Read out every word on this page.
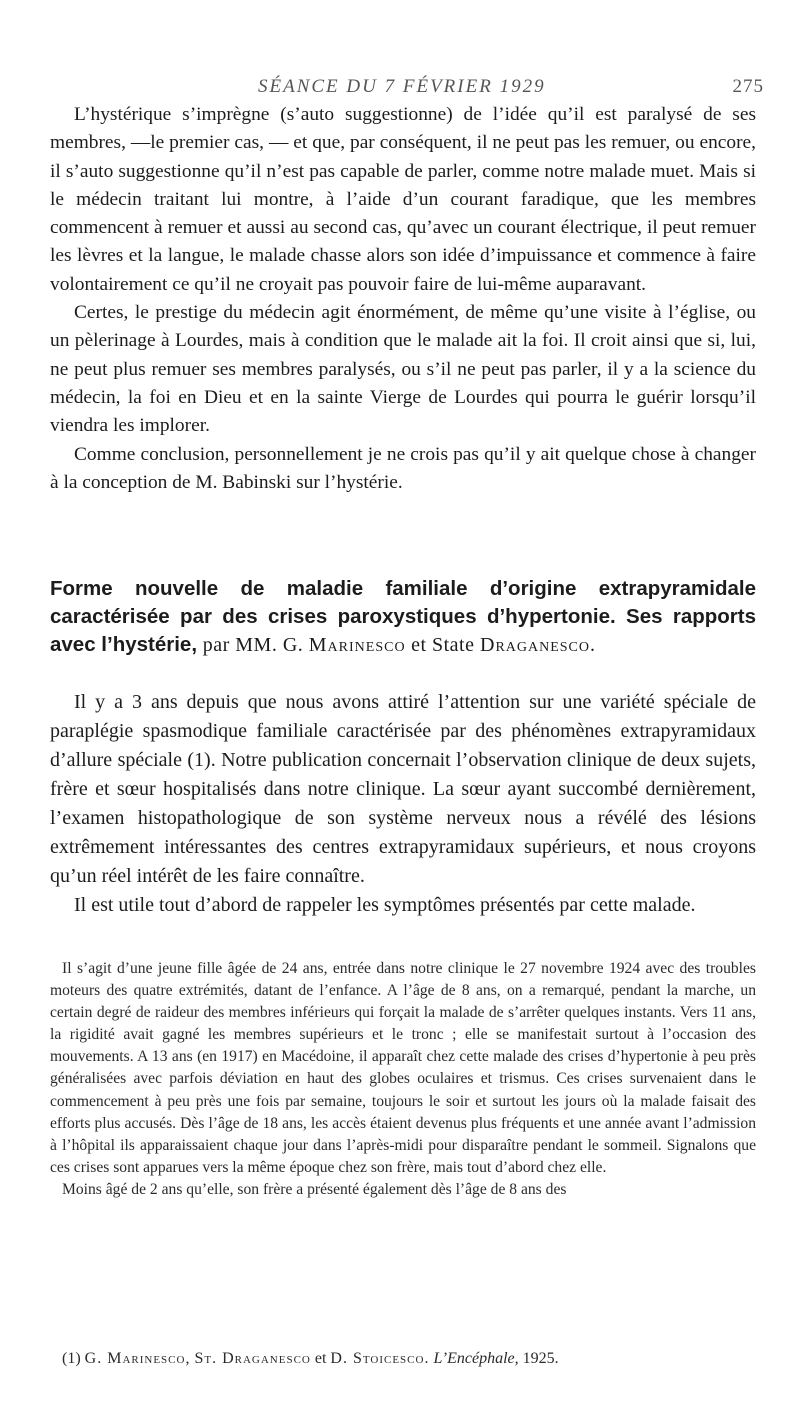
SÉANCE DU 7 FÉVRIER 1929	275

L’hystérique s’imprègne (s’auto suggestionne) de l’idée qu’il est paralysé de ses membres, —le premier cas, — et que, par conséquent, il ne peut pas les remuer, ou encore, il s’auto suggestionne qu’il n’est pas capable de parler, comme notre malade muet. Mais si le médecin traitant lui montre, à l’aide d’un courant faradique, que les membres commencent à remuer et aussi au second cas, qu’avec un courant électrique, il peut remuer les lèvres et la langue, le malade chasse alors son idée d’impuissance et commence à faire volontairement ce qu’il ne croyait pas pouvoir faire de lui-même auparavant.

Certes, le prestige du médecin agit énormément, de même qu’une visite à l’église, ou un pèlerinage à Lourdes, mais à condition que le malade ait la foi. Il croit ainsi que si, lui, ne peut plus remuer ses membres paralysés, ou s’il ne peut pas parler, il y a la science du médecin, la foi en Dieu et en la sainte Vierge de Lourdes qui pourra le guérir lorsqu’il viendra les implorer.

Comme conclusion, personnellement je ne crois pas qu’il y ait quelque chose à changer à la conception de M. Babinski sur l’hystérie.

Forme nouvelle de maladie familiale d’origine extrapyramidale caractérisée par des crises paroxystiques d’hypertonie. Ses rapports avec l’hystérie, par MM. G. Marinesco et State Draganesco.

Il y a 3 ans depuis que nous avons attiré l’attention sur une variété spéciale de paraplégie spasmodique familiale caractérisée par des phénomènes extrapyramidaux d’allure spéciale (1). Notre publication concernait l’observation clinique de deux sujets, frère et sœur hospitalisés dans notre clinique. La sœur ayant succombé dernièrement, l’examen histopathologique de son système nerveux nous a révélé des lésions extrêmement intéressantes des centres extrapyramidaux supérieurs, et nous croyons qu’un réel intérêt de les faire connaître.

Il est utile tout d’abord de rappeler les symptômes présentés par cette malade.

Il s’agit d’une jeune fille âgée de 24 ans, entrée dans notre clinique le 27 novembre 1924 avec des troubles moteurs des quatre extrémités, datant de l’enfance. A l’âge de 8 ans, on a remarqué, pendant la marche, un certain degré de raideur des membres inférieurs qui forçait la malade de s’arrêter quelques instants. Vers 11 ans, la rigidité avait gagné les membres supérieurs et le tronc ; elle se manifestait surtout à l’occasion des mouvements. A 13 ans (en 1917) en Macédoine, il apparaît chez cette malade des crises d’hypertonie à peu près généralisées avec parfois déviation en haut des globes oculaires et trismus. Ces crises survenaient dans le commencement à peu près une fois par semaine, toujours le soir et surtout les jours où la malade faisait des efforts plus accusés. Dès l’âge de 18 ans, les accès étaient devenus plus fréquents et une année avant l’admission à l’hôpital ils apparaissaient chaque jour dans l’après-midi pour disparaître pendant le sommeil. Signalons que ces crises sont apparues vers la même époque chez son frère, mais tout d’abord chez elle.

Moins âgé de 2 ans qu’elle, son frère a présenté également dès l’âge de 8 ans des

(1) G. Marinesco, St. Draganesco et D. Stoicesco. L’Encéphale, 1925.
